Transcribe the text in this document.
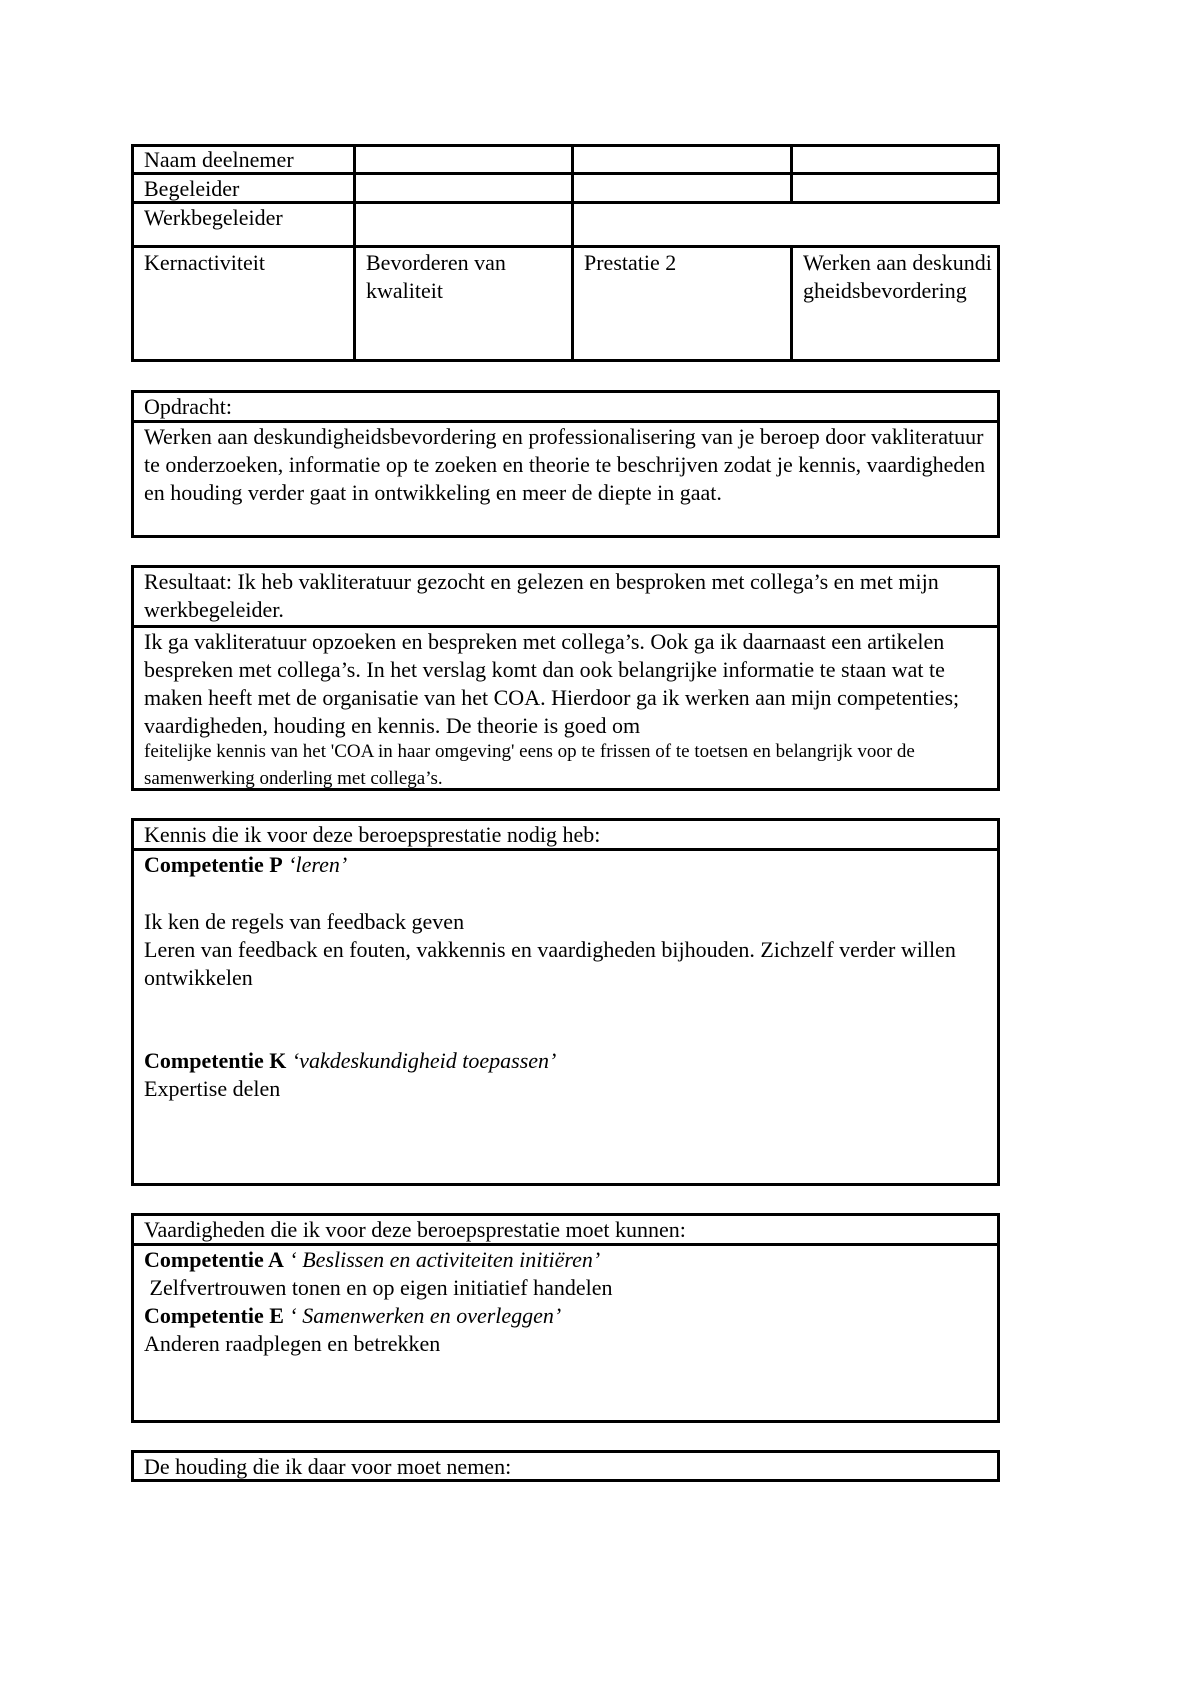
Naam deelnemer
Begeleider
Werkbegeleider
Kernactiviteit	Bevorderen van kwaliteit
Prestatie 2	Werken aan deskundigheidsbevordering
Opdracht:
Werken aan deskundigheidsbevordering en professionalisering van je beroep door vakliteratuur te onderzoeken, informatie op te zoeken en theorie te beschrijven zodat je kennis, vaardigheden en houding verder gaat in ontwikkeling en meer de diepte in gaat.
Resultaat: Ik heb vakliteratuur gezocht en gelezen en besproken met collega’s en met mijn werkbegeleider.
Ik ga vakliteratuur opzoeken en bespreken met collega’s. Ook ga ik daarnaast een artikelen bespreken met collega’s. In het verslag komt dan ook belangrijke informatie te staan wat te maken heeft met de organisatie van het COA. Hierdoor ga ik werken aan mijn competenties; vaardigheden, houding en kennis. De theorie is goed om
feitelijke kennis van het 'COA in haar omgeving' eens op te frissen of te toetsen en belangrijk voor de samenwerking onderling met collega’s.
Kennis die ik voor deze beroepsprestatie nodig heb:
Competentie P ‘leren’
Ik ken de regels van feedback geven
Leren van feedback en fouten, vakkennis en vaardigheden bijhouden. Zichzelf verder willen ontwikkelen
Competentie K ‘vakdeskundigheid toepassen’
Expertise delen
Vaardigheden die ik voor deze beroepsprestatie moet kunnen:
Competentie A ‘ Beslissen en activiteiten initiëren’
Zelfvertrouwen tonen en op eigen initiatief handelen
Competentie E ‘ Samenwerken en overleggen’
Anderen raadplegen en betrekken
De houding die ik daar voor moet nemen:
